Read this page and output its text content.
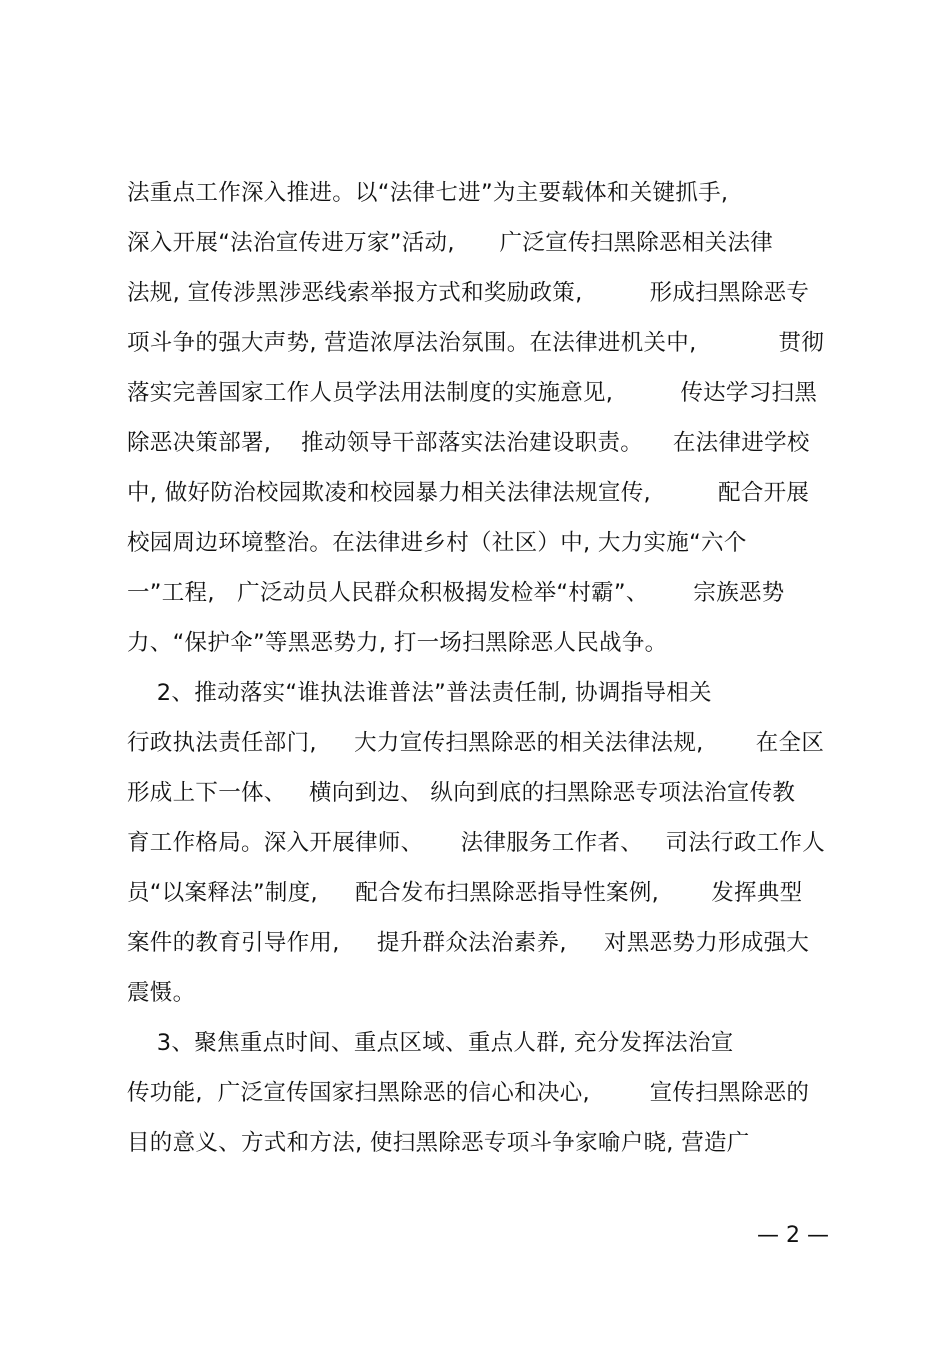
法重点工作深入推进。以“法律七进”为主要载体和关键抓手,
深入开展“法治宣传进万家”活动,      广泛宣传扫黑除恶相关法律
法规, 宣传涉黑涉恶线索举报方式和奖励政策,         形成扫黑除恶专
项斗争的强大声势, 营造浓厚法治氛围。在法律进机关中,           贯彻
落实完善国家工作人员学法用法制度的实施意见,         传达学习扫黑
除恶决策部署,    推动领导干部落实法治建设职责。    在法律进学校
中, 做好防治校园欺凌和校园暴力相关法律法规宣传,         配合开展
校园周边环境整治。在法律进乡村（社区）中, 大力实施“六个
一”工程,   广泛动员人民群众积极揭发检举“村霸”、      宗族恶势
力、“保护伞”等黑恶势力, 打一场扫黑除恶人民战争。
2、推动落实“谁执法谁普法”普法责任制, 协调指导相关
行政执法责任部门,     大力宣传扫黑除恶的相关法律法规,       在全区
形成上下一体、   横向到边、 纵向到底的扫黑除恶专项法治宣传教
育工作格局。深入开展律师、     法律服务工作者、   司法行政工作人
员“以案释法”制度,     配合发布扫黑除恶指导性案例,       发挥典型
案件的教育引导作用,     提升群众法治素养,     对黑恶势力形成强大
震慑。
3、聚焦重点时间、重点区域、重点人群, 充分发挥法治宣
传功能,  广泛宣传国家扫黑除恶的信心和决心,        宣传扫黑除恶的
目的意义、方式和方法, 使扫黑除恶专项斗争家喻户晓, 营造广
— 2 —
